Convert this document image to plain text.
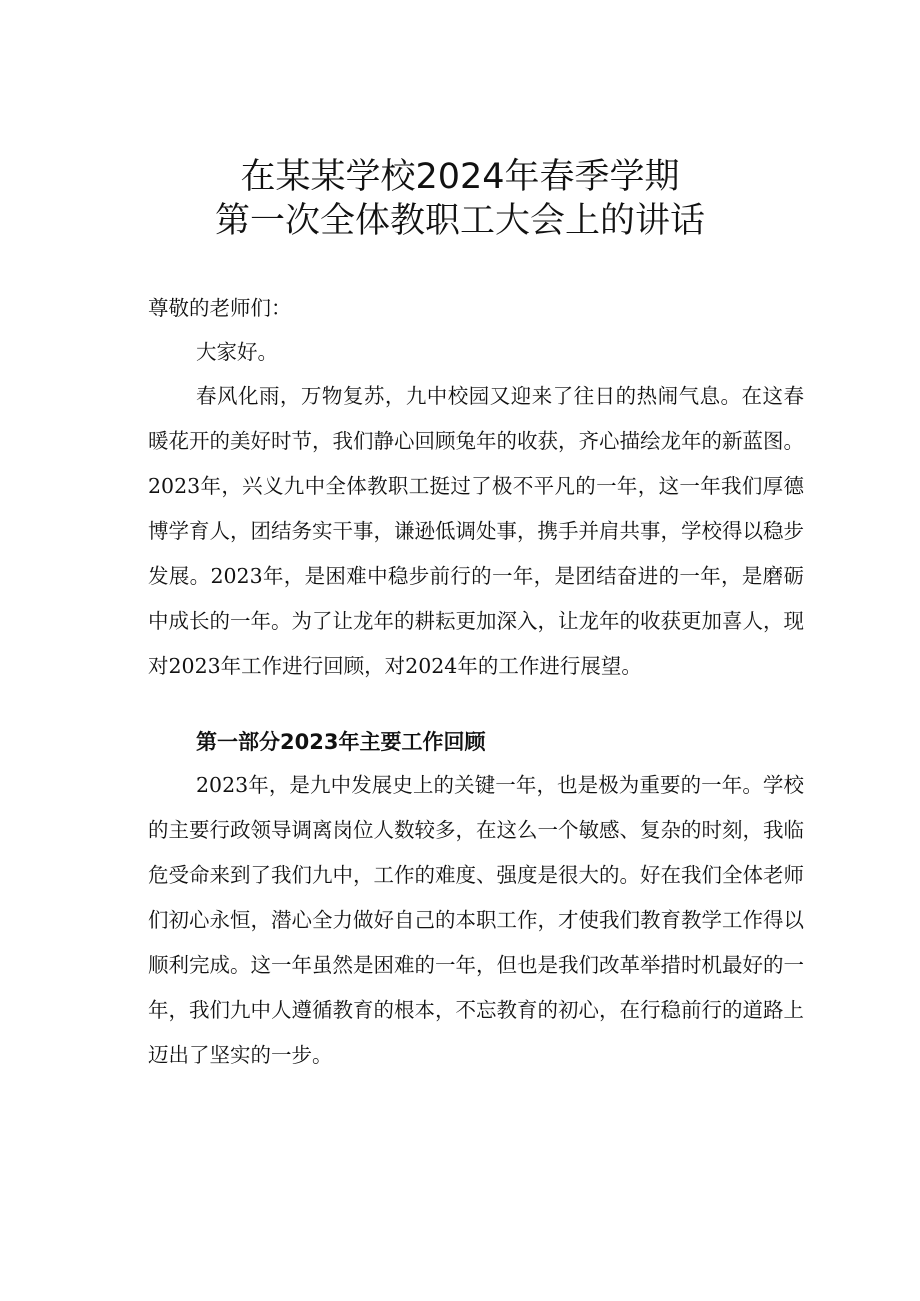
在某某学校2024年春季学期
第一次全体教职工大会上的讲话

尊敬的老师们：

大家好。

春风化雨，万物复苏，九中校园又迎来了往日的热闹气息。在这春暖花开的美好时节，我们静心回顾兔年的收获，齐心描绘龙年的新蓝图。2023年，兴义九中全体教职工挺过了极不平凡的一年，这一年我们厚德博学育人，团结务实干事，谦逊低调处事，携手并肩共事，学校得以稳步发展。2023年，是困难中稳步前行的一年，是团结奋进的一年，是磨砺中成长的一年。为了让龙年的耕耘更加深入，让龙年的收获更加喜人，现对2023年工作进行回顾，对2024年的工作进行展望。

第一部分2023年主要工作回顾

2023年，是九中发展史上的关键一年，也是极为重要的一年。学校的主要行政领导调离岗位人数较多，在这么一个敏感、复杂的时刻，我临危受命来到了我们九中，工作的难度、强度是很大的。好在我们全体老师们初心永恒，潜心全力做好自己的本职工作，才使我们教育教学工作得以顺利完成。这一年虽然是困难的一年，但也是我们改革举措时机最好的一年，我们九中人遵循教育的根本，不忘教育的初心，在行稳前行的道路上迈出了坚实的一步。
